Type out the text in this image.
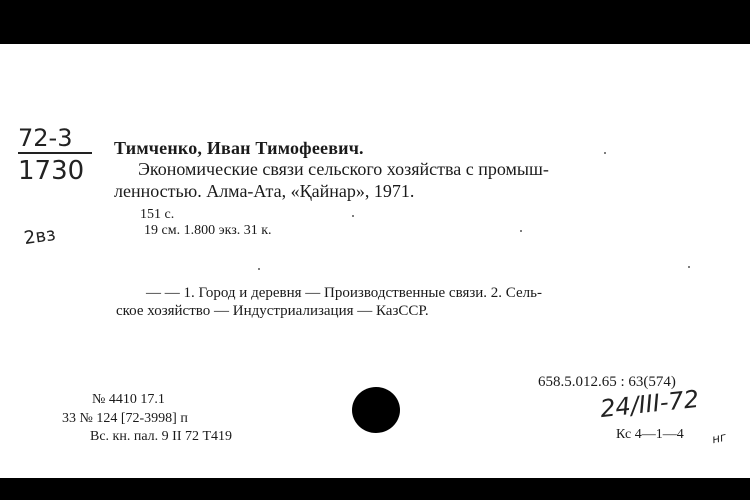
72-3
1730
2вз
Тимченко, Иван Тимофеевич.
Экономические связи сельского хозяйства с промыш-
ленностью. Алма-Ата, «Қайнар», 1971.
151 с.
19 см. 1.800 экз. 31 к.
— — 1. Город и деревня — Производственные связи. 2. Сель-
ское хозяйство — Индустриализация — КазССР.
658.5.012.65 : 63(574)
№ 4410 17.1
33 № 124 [72-3998] п
Вс. кн. пал. 9 II 72 Т419
24/III-72
Кс 4—1—4 нг
